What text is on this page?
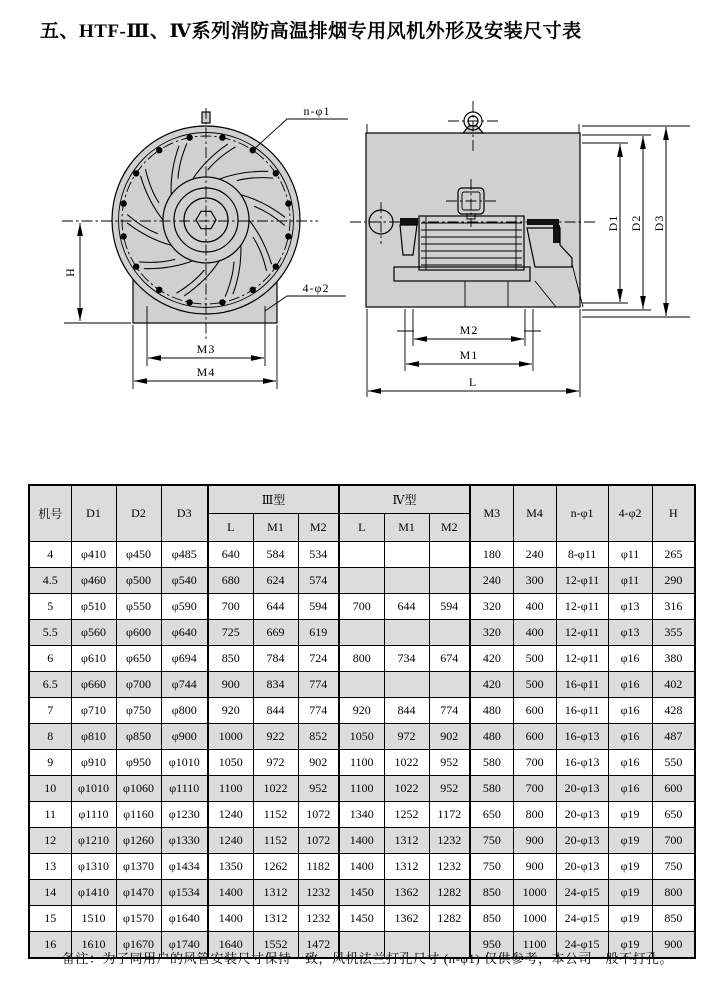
五、HTF-Ⅲ、Ⅳ系列消防高温排烟专用风机外形及安装尺寸表
H
M3
M4
n-φ1
4-φ2
M2
M1
L
D1 D2 D3
机号	D1	D2	D3	Ⅲ型			Ⅳ型			M3	M4	n-φ1	4-φ2	H
				L	M1	M2	L	M1	M2					
4	φ410	φ450	φ485	640	584	534				180	240	8-φ11	φ11	265
4.5	φ460	φ500	φ540	680	624	574				240	300	12-φ11	φ11	290
5	φ510	φ550	φ590	700	644	594	700	644	594	320	400	12-φ11	φ13	316
5.5	φ560	φ600	φ640	725	669	619				320	400	12-φ11	φ13	355
6	φ610	φ650	φ694	850	784	724	800	734	674	420	500	12-φ11	φ16	380
6.5	φ660	φ700	φ744	900	834	774				420	500	16-φ11	φ16	402
7	φ710	φ750	φ800	920	844	774	920	844	774	480	600	16-φ11	φ16	428
8	φ810	φ850	φ900	1000	922	852	1050	972	902	480	600	16-φ13	φ16	487
9	φ910	φ950	φ1010	1050	972	902	1100	1022	952	580	700	16-φ13	φ16	550
10	φ1010	φ1060	φ1110	1100	1022	952	1100	1022	952	580	700	20-φ13	φ16	600
11	φ1110	φ1160	φ1230	1240	1152	1072	1340	1252	1172	650	800	20-φ13	φ19	650
12	φ1210	φ1260	φ1330	1240	1152	1072	1400	1312	1232	750	900	20-φ13	φ19	700
13	φ1310	φ1370	φ1434	1350	1262	1182	1400	1312	1232	750	900	20-φ13	φ19	750
14	φ1410	φ1470	φ1534	1400	1312	1232	1450	1362	1282	850	1000	24-φ15	φ19	800
15	1510	φ1570	φ1640	1400	1312	1232	1450	1362	1282	850	1000	24-φ15	φ19	850
16	1610	φ1670	φ1740	1640	1552	1472				950	1100	24-φ15	φ19	900

备注：为了同用户的风管安装尺寸保持一致，风机法兰打孔尺寸 (n-φ1) 仅供参考，本公司一般不打孔。
